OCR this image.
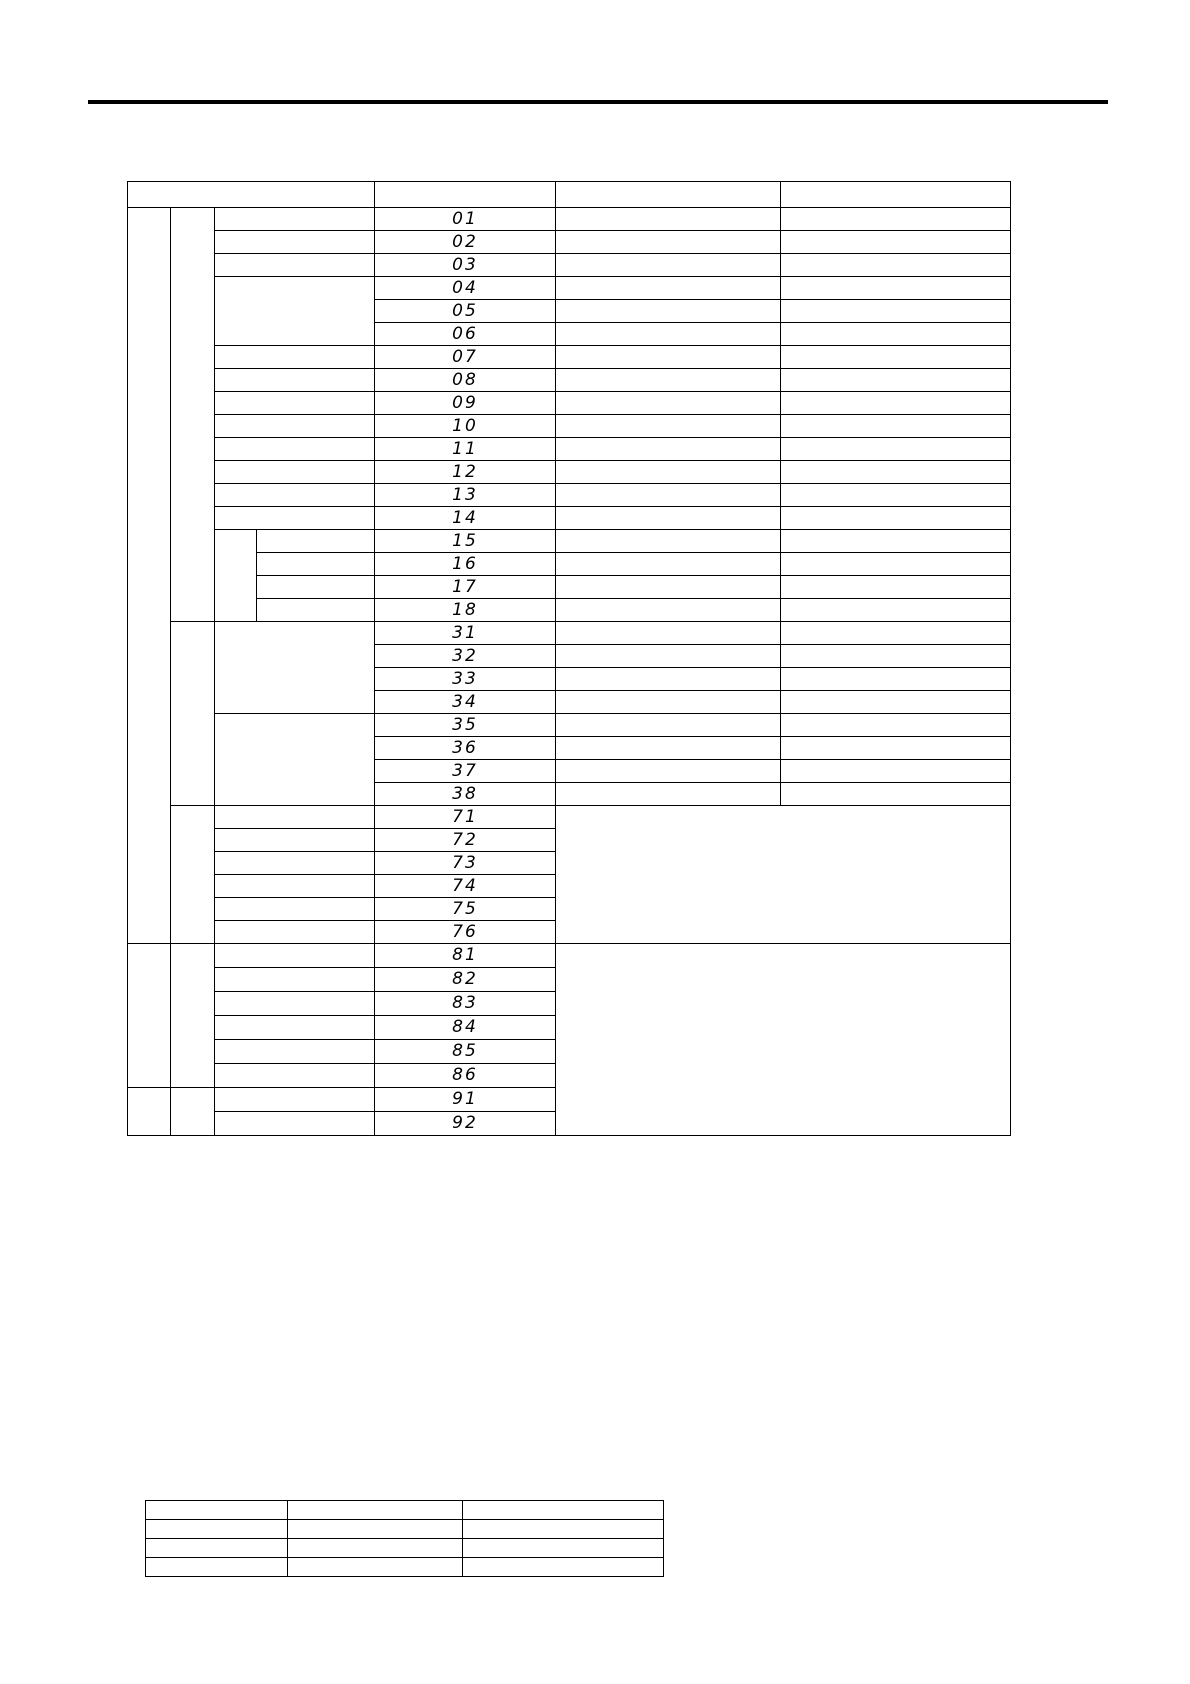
				01		
				02		
				03		
				04		
				05		
				06		
				07		
				08		
				09		
				10		
				11		
				12		
				13		
				14		
				15		
				16		
				17		
				18		
				31		
				32		
				33		
				34		
				35		
				36		
				37		
				38		
				71		
				72		
				73		
				74		
				75		
				76		
				81		
				82		
				83		
				84		
				85		
				86		
				91		
				92		
